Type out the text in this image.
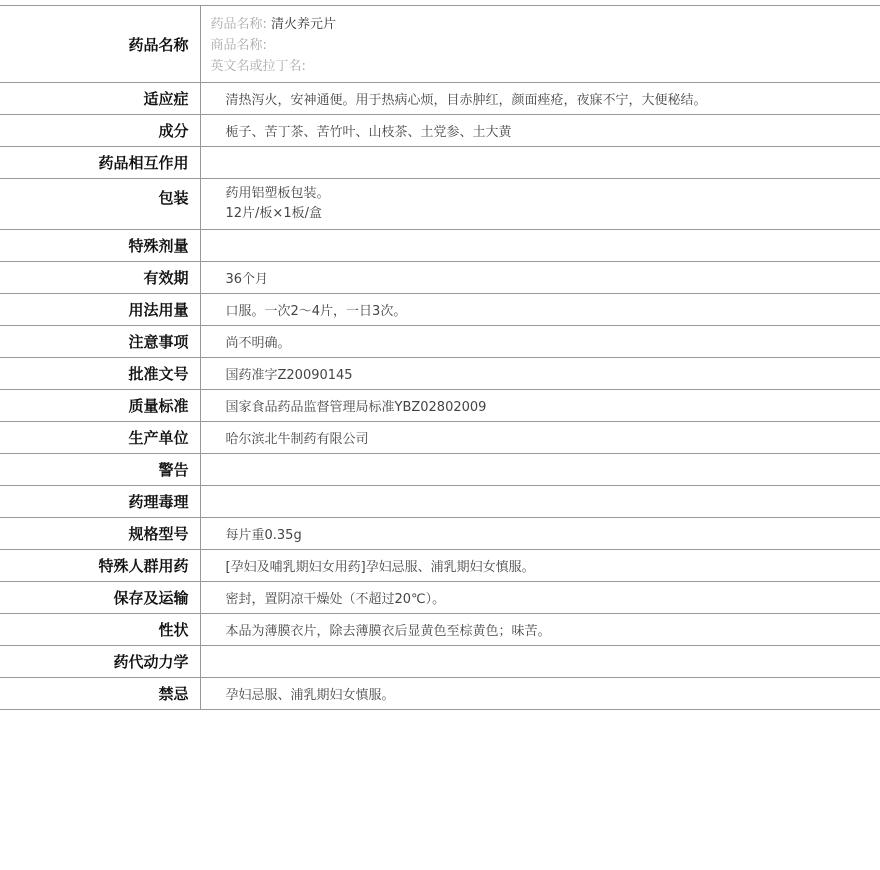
药品名称	药品名称: 清火养元片
商品名称:
英文名或拉丁名:

适应症	清热泻火，安神通便。用于热病心烦，目赤肿红，颜面痤疮，夜寐不宁，大便秘结。
成分	栀子、苦丁茶、苦竹叶、山枝茶、土党参、土大黄
药品相互作用	
包装	药用铝塑板包装。
12片/板×1板/盒

特殊剂量	
有效期	36个月
用法用量	口服。一次2～4片，一日3次。
注意事项	尚不明确。
批准文号	国药准字Z20090145
质量标准	国家食品药品监督管理局标准YBZ02802009
生产单位	哈尔滨北牛制药有限公司
警告	
药理毒理	
规格型号	每片重0.35g
特殊人群用药	[孕妇及哺乳期妇女用药]孕妇忌服、浦乳期妇女慎服。
保存及运输	密封，置阴凉干燥处（不超过20℃）。
性状	本品为薄膜衣片，除去薄膜衣后显黄色至棕黄色；味苦。
药代动力学	
禁忌	孕妇忌服、浦乳期妇女慎服。
